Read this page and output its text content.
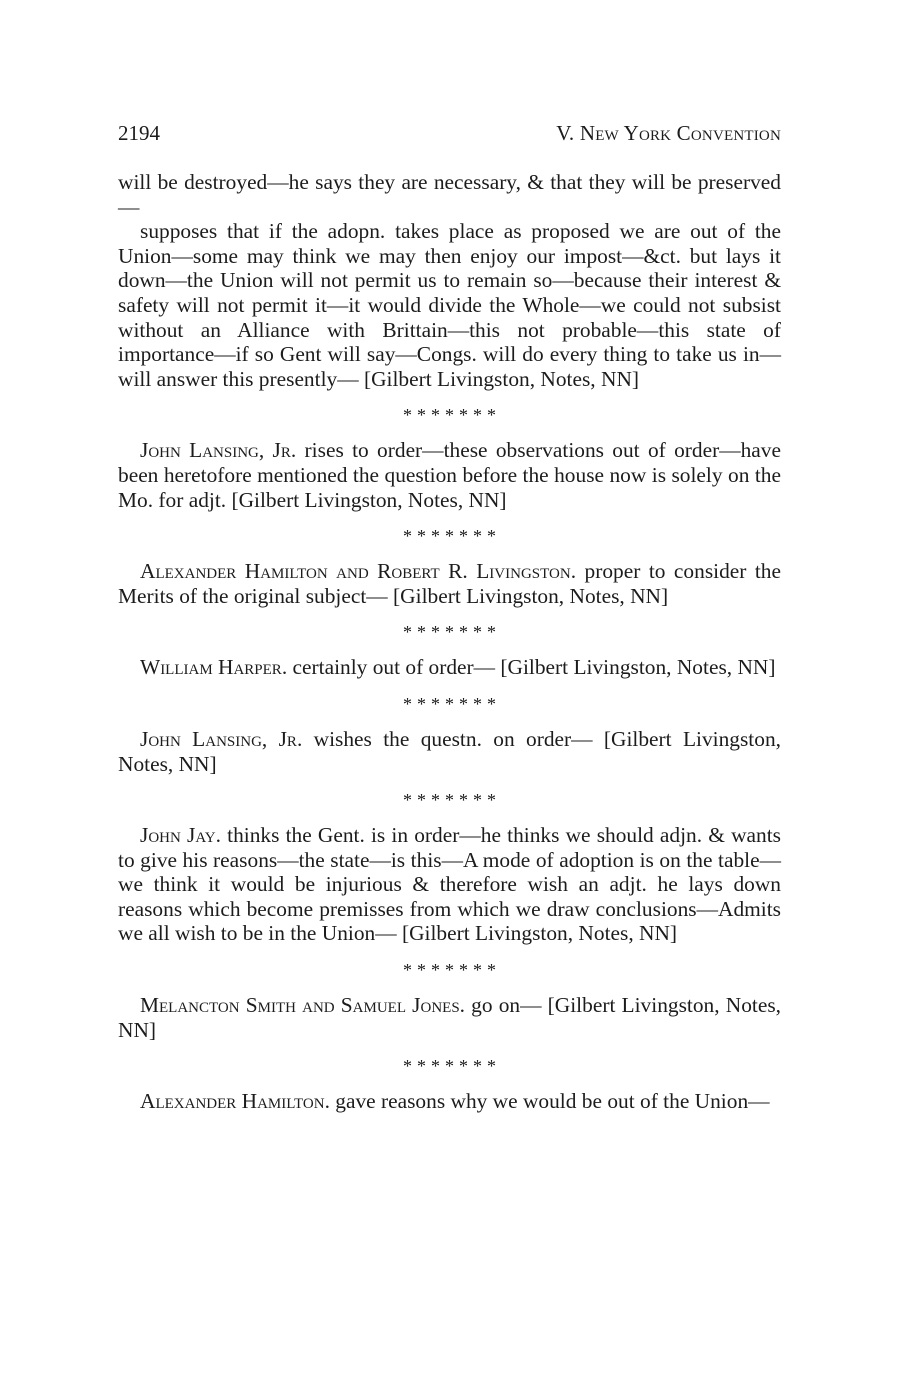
2194	V. New York Convention

will be destroyed—he says they are necessary, & that they will be preserved—

supposes that if the adopn. takes place as proposed we are out of the Union—some may think we may then enjoy our impost—&ct. but lays it down—the Union will not permit us to remain so—because their interest & safety will not permit it—it would divide the Whole—we could not subsist without an Alliance with Brittain—this not probable—this state of importance—if so Gent will say—Congs. will do every thing to take us in—will answer this presently— [Gilbert Livingston, Notes, NN]

*******

John Lansing, Jr. rises to order—these observations out of order—have been heretofore mentioned the question before the house now is solely on the Mo. for adjt. [Gilbert Livingston, Notes, NN]

*******

Alexander Hamilton and Robert R. Livingston. proper to consider the Merits of the original subject— [Gilbert Livingston, Notes, NN]

*******

William Harper. certainly out of order— [Gilbert Livingston, Notes, NN]

*******

John Lansing, Jr. wishes the questn. on order— [Gilbert Livingston, Notes, NN]

*******

John Jay. thinks the Gent. is in order—he thinks we should adjn. & wants to give his reasons—the state—is this—A mode of adoption is on the table—we think it would be injurious & therefore wish an adjt. he lays down reasons which become premisses from which we draw conclusions—Admits we all wish to be in the Union— [Gilbert Livingston, Notes, NN]

*******

Melancton Smith and Samuel Jones. go on— [Gilbert Livingston, Notes, NN]

*******

Alexander Hamilton. gave reasons why we would be out of the Union—
